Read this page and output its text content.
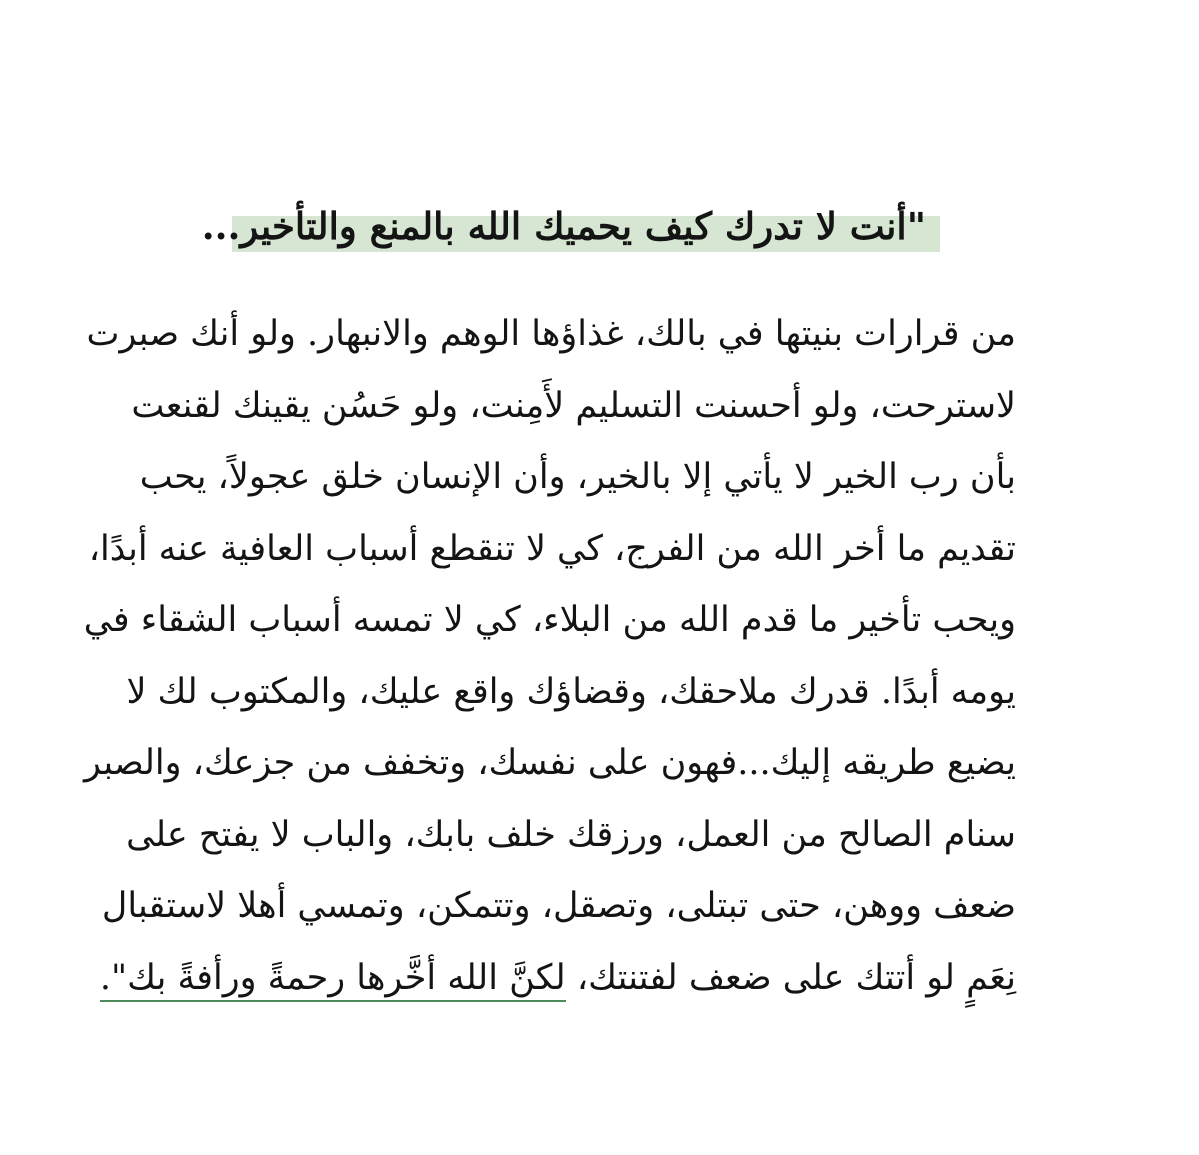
"أنت لا تدرك كيف يحميك الله بالمنع والتأخير...
من قرارات بنيتها في بالك، غذاؤها الوهم والانبهار. ولو أنك صبرت
لاسترحت، ولو أحسنت التسليم لأَمِنت، ولو حَسُن يقينك لقنعت
بأن رب الخير لا يأتي إلا بالخير، وأن الإنسان خلق عجولاً، يحب
تقديم ما أخر الله من الفرج، كي لا تنقطع أسباب العافية عنه أبدًا،
ويحب تأخير ما قدم الله من البلاء، كي لا تمسه أسباب الشقاء في
يومه أبدًا. قدرك ملاحقك، وقضاؤك واقع عليك، والمكتوب لك لا
يضيع طريقه إليك...فهون على نفسك، وتخفف من جزعك، والصبر
سنام الصالح من العمل، ورزقك خلف بابك، والباب لا يفتح على
ضعف ووهن، حتى تبتلى، وتصقل، وتتمكن، وتمسي أهلا لاستقبال
نِعَمٍ لو أتتك على ضعف لفتنتك، لكنَّ الله أخَّرها رحمةً ورأفةً بك".
